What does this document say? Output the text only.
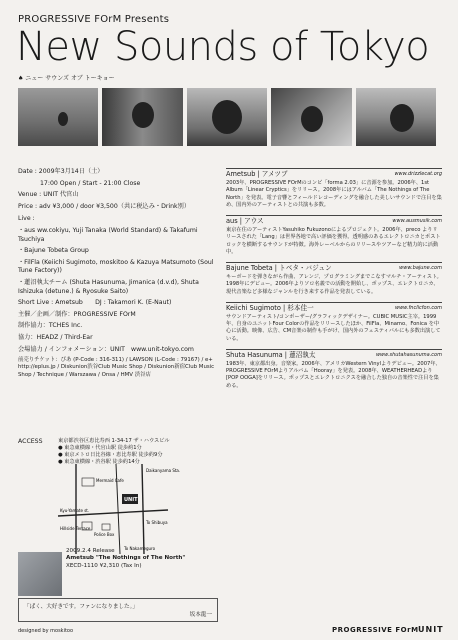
PROGRESSIVE FOrM Presents
New Sounds of Tokyo
♠ ニュー サウンズ オブ トーキョー

Date : 2009年3月14日（土）

17:00 Open / Start - 21:00 Close

Venue : UNIT 代官山

Price : adv ¥3,000 / door ¥3,500（共に税込み・Drink別）

Live :

・aus ww.cokiyu, Yuji Tanaka (World Standard) & Takafumi Tsuchiya

・Bajune Tobeta Group

・FilFla (Keiichi Sugimoto, moskitoo & Kazuya Matsumoto (Soul Tune Factory))

・蓮沼執太チーム (Shuta Hasunuma, Jimanica (d.v.d), Shuta Ishizuka (detune.) & Ryosuke Saito)

Short Live : Ametsub　　 DJ : Takamori K. (E-Naut)

主催／企画／制作：PROGRESSIVE FOrM

制作協力：TCHES Inc.

協力：HEADZ / Third-Ear

会場協力 / インフォメーション：UNIT　www.unit-tokyo.com

前売りチケット：ぴあ (P-Code : 316-311) / LAWSON (L-Code : 79167) / e+ http://eplus.jp / Diskunion渋谷Club Music Shop / Diskunion新宿Club Music Shop / Technique / Warszawa / Onsa / HMV 渋谷店

ACCESS	東京都渋谷区恵比寿西 1-34-17 ザ・ハウスビル
● 東急東横線・代官山駅 徒歩約1分
● 東京メトロ日比谷線・恵比寿駅 徒歩約9分
● 東急東横線・渋谷駅 徒歩約14分
Daikanyama Sta.
Mermaid Cafe
UNIT
Kyu-Yamate st.
Hillside Terrace
Police Box
To Shibuya
To Nakameguro
2009.2.4 Release
Ametsub "The Nothings of The North"
XECD-1110 ¥2,310 (Tax In)
「ぱく、大好きです。ファンになりました。」
坂本龍一
Ametsub | アメツブ	www.drizzlecat.org
2003年、PROGRESSIVE FOrMのコンピ「forma 2.03」に音源を参加。2006年、1st Album「Linear Cryptics」をリリース。2008年にはアルバム「The Nothings of The North」を発表。電子音響とフィールドレコーディングを融合した美しいサウンドで注目を集め、国内外のアーティストとの共演も多数。
aus | アウス	www.ausmusik.com
東京在住のアーティストYasuhiko Fukuzonoによるプロジェクト。2006年、preco よりリリースされた「Lang」は世界各地で高い評価を獲得。透明感のあるエレクトロニカとポストロックを横断するサウンドが特徴。海外レーベルからのリリースやツアーなど精力的に活動中。
Bajune Tobeta | トベタ・バジュン	www.bajune.com
キーボードを弾きながら作曲、アレンジ、プログラミングまでこなすマルチ・アーティスト。1998年にデビュー。2006年よりソロ名義での活動を開始し、ポップス、エレクトロニカ、現代音楽など多様なジャンルを行き来する作品を発表している。
Keiichi Sugimoto | 杉本佳一	www.fnclicfon.com
サウンドアーティスト/コンポーザー/グラフィックデザイナー。CUBIC MUSIC主宰。1999年、自身のユニットFour Colorの作品をリリースしたほか、FilFla、Minamo、Fonica を中心に活動。映像、広告、CM音楽の制作も手がけ、国内外のフェスティバルにも多数出演している。
Shuta Hasunuma | 蓮沼執太	www.shutahasunuma.com
1983年、東京都出身。音楽家。2006年、アメリカWestern Vinylよりデビュー。2007年、PROGRESSIVE FOrMよりアルバム「Hooray」を発表。2008年、WEATHERHEADより[POP OOGA]をリリース。ポップスとエレクトロニクスを融合した独自の音楽性で注目を集める。
designed by moskitoo	PROGRESSIVE FOrM UNIT
